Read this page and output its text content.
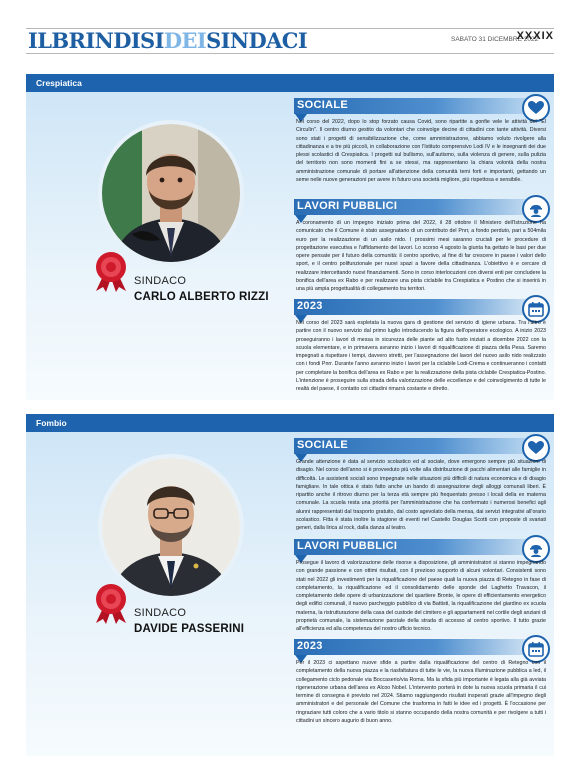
ILBRINDISIDEISINDACI	SABATO 31 DICEMBRE 2022
XXXIX
Crespiatica
SINDACO
CARLO ALBERTO RIZZI
SOCIALE
Nel corso del 2022, dopo lo stop forzato causa Covid, sono ripartite a gonfie vele le attività del "El Circulìn". Il centro diurno gestito da volontari che coinvolge decine di cittadini con tante attività. Diversi sono stati i progetti di sensibilizzazione che, come amministrazione, abbiamo voluto rivolgere alla cittadinanza e a tre più piccoli, in collaborazione con l'Istituto comprensivo Lodi IV e le insegnanti dei due plessi scolastici di Crespiatica. I progetti sul bullismo, sull'autismo, sulla violenza di genere, sulla pulizia del territorio non sono momenti fini a se stessi, ma rappresentano la chiara volontà della nostra amministrazione comunale di portare all'attenzione della comunità temi forti e importanti, gettando un seme nelle nuove generazioni per avere in futuro una società migliore, più rispettosa e sensibile.
LAVORI PUBBLICI
A coronamento di un impegno iniziato prima del 2022, il 28 ottobre il Ministero dell'Istruzione ha comunicato che il Comune è stato assegnatario di un contributo del Pnrr, a fondo perduto, pari a 504mila euro per la realizzazione di un asilo nido. I prossimi mesi saranno cruciali per le procedure di progettazione esecutiva e l'affidamento dei lavori. Lo scorso 4 agosto la giunta ha gettato le basi per due opere pensate per il futuro della comunità: il centro sportivo, al fine di far crescere in paese i valori dello sport, e il centro polifunzionale per nuovi spazi a favore della cittadinanza. L'obiettivo è e cercare di realizzare intercettando nuovi finanziamenti. Sono in corso interlocuzioni con diversi enti per concludere la bonifica dell'area ex Rabo e per realizzare una pista ciclabile tra Crespiatica e Postino che si inserirà in una più ampia progettualità di collegamento tra territori.
2023
Nel corso del 2023 sarà espletata la nuova gara di gestione del servizio di igiene urbana. Tra l'altro è partire con il nuovo servizio dal primo luglio introducendo la figura dell'operatore ecologico. A inizio 2023 proseguiranno i lavori di messa in sicurezza delle piante ad alto fusto iniziati a dicembre 2022 con la scuola elementare, e in primavera avranno inizio i lavori di riqualificazione di piazza della Pesa. Saremo impegnati a rispettare i tempi, davvero stretti, per l'assegnazione dei lavori del nuovo asilo nido realizzato con i fondi Pnrr. Durante l'anno avranno inizio i lavori per la ciclabile Lodi-Crema e continueranno i contatti per completare la bonifica dell'area ex Rabo e per la realizzazione della pista ciclabile Crespiatica-Postino. L'intenzione è proseguire sulla strada della valorizzazione delle eccellenze e del coinvolgimento di tutte le realtà del paese, il contatto coi cittadini rimarrà costante e diretto.
Fombio
SINDACO
DAVIDE PASSERINI
SOCIALE
Grande attenzione è data al servizio scolastico ed al sociale, dove emergono sempre più situazioni di disagio. Nel corso dell'anno si è provveduto più volte alla distribuzione di pacchi alimentari alle famiglie in difficoltà. Le assistenti sociali sono impegnate nelle situazioni più difficili di natura economica e di disagio famigliare. In tale ottica è stato fatto anche un bando di assegnazione degli alloggi comunali liberi. È ripartito anche il ritrovo diurno per la terza età sempre più frequentato presso i locali della ex materna comunale. La scuola resta una priorità per l'amministrazione che ha confermato i numerosi benefici agli alunni rappresentati dal trasporto gratuito, dal costo agevolato della mensa, dai servizi integrativi all'orario scolastico. Fitta è stata inoltre la stagione di eventi nel Castello Douglas Scotti con proposte di svariati generi, dalla lirica al rock, dalla danza al teatro.
LAVORI PUBBLICI
Prosegue il lavoro di valorizzazione delle risorse a disposizione, gli amministratori si stanno impegnando con grande passione e con ottimi risultati, con il prezioso supporto di alcuni volontari. Consistenti sono stati nel 2022 gli investimenti per la riqualificazione del paese quali la nuova piazza di Retegno in fase di completamento, la riqualificazione ed il consolidamento delle sponde del Laghetto Travacon, il completamento delle opere di urbanizzazione del quartiere Bronte, le opere di efficientamento energetico degli edifici comunali, il nuovo parcheggio pubblico di via Battisti, la riqualificazione del giardino ex scuola materna, la ristrutturazione della casa del custode del cimitero e gli appartamenti nel cortile degli anziani di proprietà comunale, la sistemazione parziale della strada di accesso al centro sportivo. Il tutto grazie all'efficienza ed alla competenza del nostro ufficio tecnico.
2023
Per il 2023 ci aspettano nuove sfide a partire dalla riqualificazione del centro di Retegno con il completamento della nuova piazza e la riasfaltatura di tutte le vie, la nuova illuminazione pubblica a led, il collegamento ciclo pedonale via Boccaserio/via Roma. Ma la sfida più importante è legata alla già avviata rigenerazione urbana dell'area ex Alcoo Nobel. L'intervento porterà in dote la nuova scuola primaria il cui termine di consegna è previsto nel 2024. Stiamo raggiungendo risultati insperati grazie all'impegno degli amministratori e del personale del Comune che trasforma in fatti le idee ed i progetti. È l'occasione per ringraziare tutti coloro che a vario titolo si stanno occupando della nostra comunità e per rivolgere a tutti i cittadini un sincero augurio di buon anno.
